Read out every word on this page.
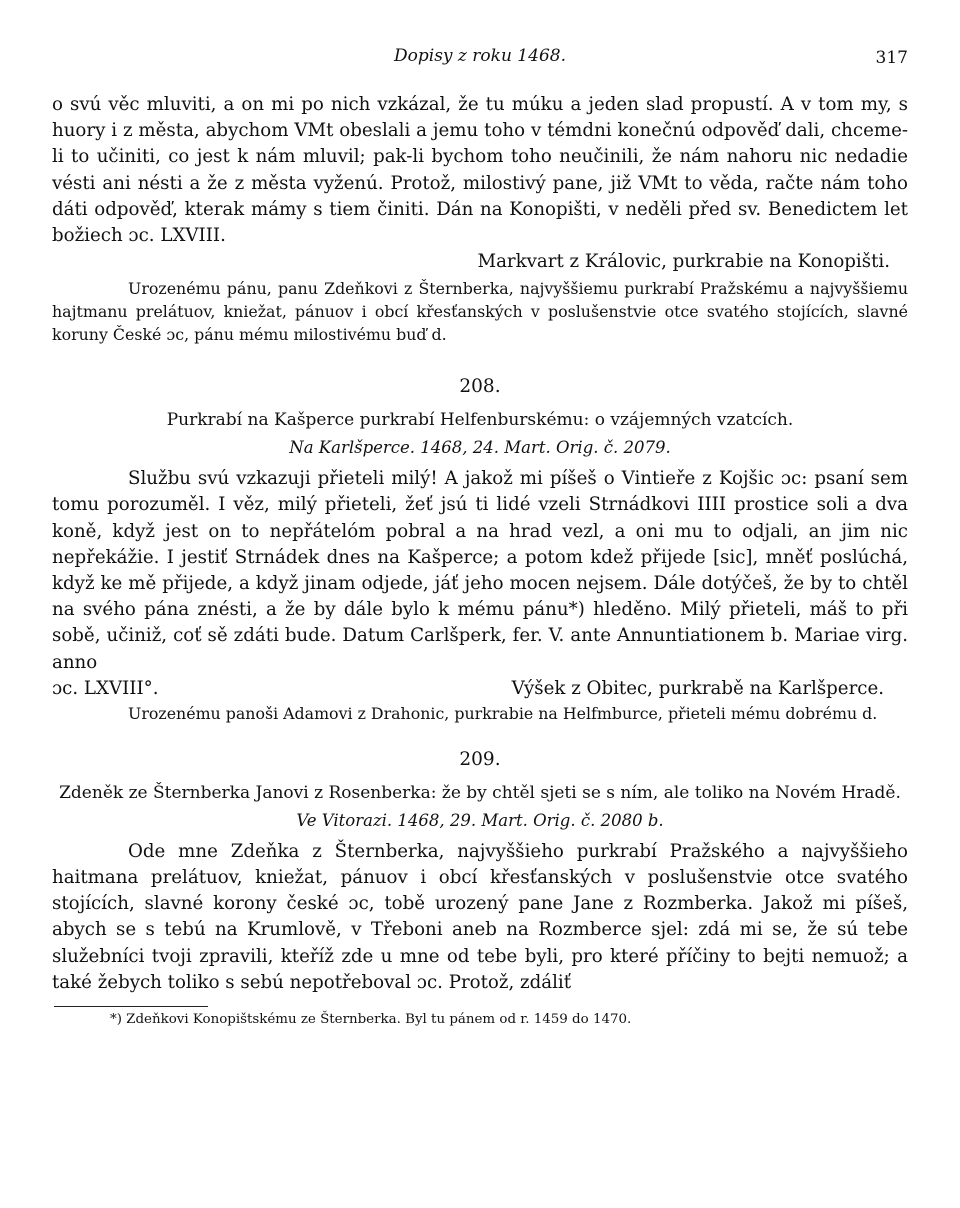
Dopisy z roku 1468.	317

o svú věc mluviti, a on mi po nich vzkázal, že tu múku a jeden slad propustí. A v tom my, s huory i z města, abychom VMt obeslali a jemu toho v témdni konečnú odpověď dali, chceme-li to učiniti, co jest k nám mluvil; pak-li bychom toho neučinili, že nám nahoru nic nedadie vésti ani nésti a že z města vyženú. Protož, milostivý pane, již VMt to věda, račte nám toho dáti odpověď, kterak mámy s tiem činiti. Dán na Konopišti, v neděli před sv. Benedictem let božiech ɔc. LXVIII.

Markvart z Královic, purkrabie na Konopišti.

Urozenému pánu, panu Zdeňkovi z Šternberka, najvyššiemu purkrabí Pražskému a najvyššiemu hajtmanu prelátuov, kniežat, pánuov i obcí křesťanských v poslušenstvie otce svatého stojících, slavné koruny České ɔc, pánu mému milostivému buď d.

208.

Purkrabí na Kašperce purkrabí Helfenburskému: o vzájemných vzatcích.

Na Karlšperce. 1468, 24. Mart. Orig. č. 2079.

Službu svú vzkazuji přieteli milý! A jakož mi píšeš o Vintieře z Kojšic ɔc: psaní sem tomu porozuměl. I věz, milý přieteli, žeť jsú ti lidé vzeli Strnádkovi IIII prostice soli a dva koně, když jest on to nepřátelóm pobral a na hrad vezl, a oni mu to odjali, an jim nic nepřekážie. I jestiť Strnádek dnes na Kašperce; a potom kdež přijede [sic], mněť poslúchá, když ke mě přijede, a když jinam odjede, jáť jeho mocen nejsem. Dále dotýčeš, že by to chtěl na svého pána znésti, a že by dále bylo k mému pánu*) hleděno. Milý přieteli, máš to při sobě, učiniž, coť sě zdáti bude. Datum Carlšperk, fer. V. ante Annuntiationem b. Mariae virg. anno

ɔc. LXVIII°.	Výšek z Obitec, purkrabě na Karlšperce.

Urozenému panoši Adamovi z Drahonic, purkrabie na Helfmburce, přieteli mému dobrému d.

209.

Zdeněk ze Šternberka Janovi z Rosenberka: že by chtěl sjeti se s ním, ale toliko na Novém Hradě.

Ve Vitorazi. 1468, 29. Mart. Orig. č. 2080 b.

Ode mne Zdeňka z Šternberka, najvyššieho purkrabí Pražského a najvyššieho haitmana prelátuov, kniežat, pánuov i obcí křesťanských v poslušenstvie otce svatého stojících, slavné korony české ɔc, tobě urozený pane Jane z Rozmberka. Jakož mi píšeš, abych se s tebú na Krumlově, v Třeboni aneb na Rozmberce sjel: zdá mi se, že sú tebe služebníci tvoji zpravili, kteříž zde u mne od tebe byli, pro které příčiny to bejti nemuož; a také žebych toliko s sebú nepotřeboval ɔc. Protož, zdáliť

*) Zdeňkovi Konopištskému ze Šternberka. Byl tu pánem od r. 1459 do 1470.
